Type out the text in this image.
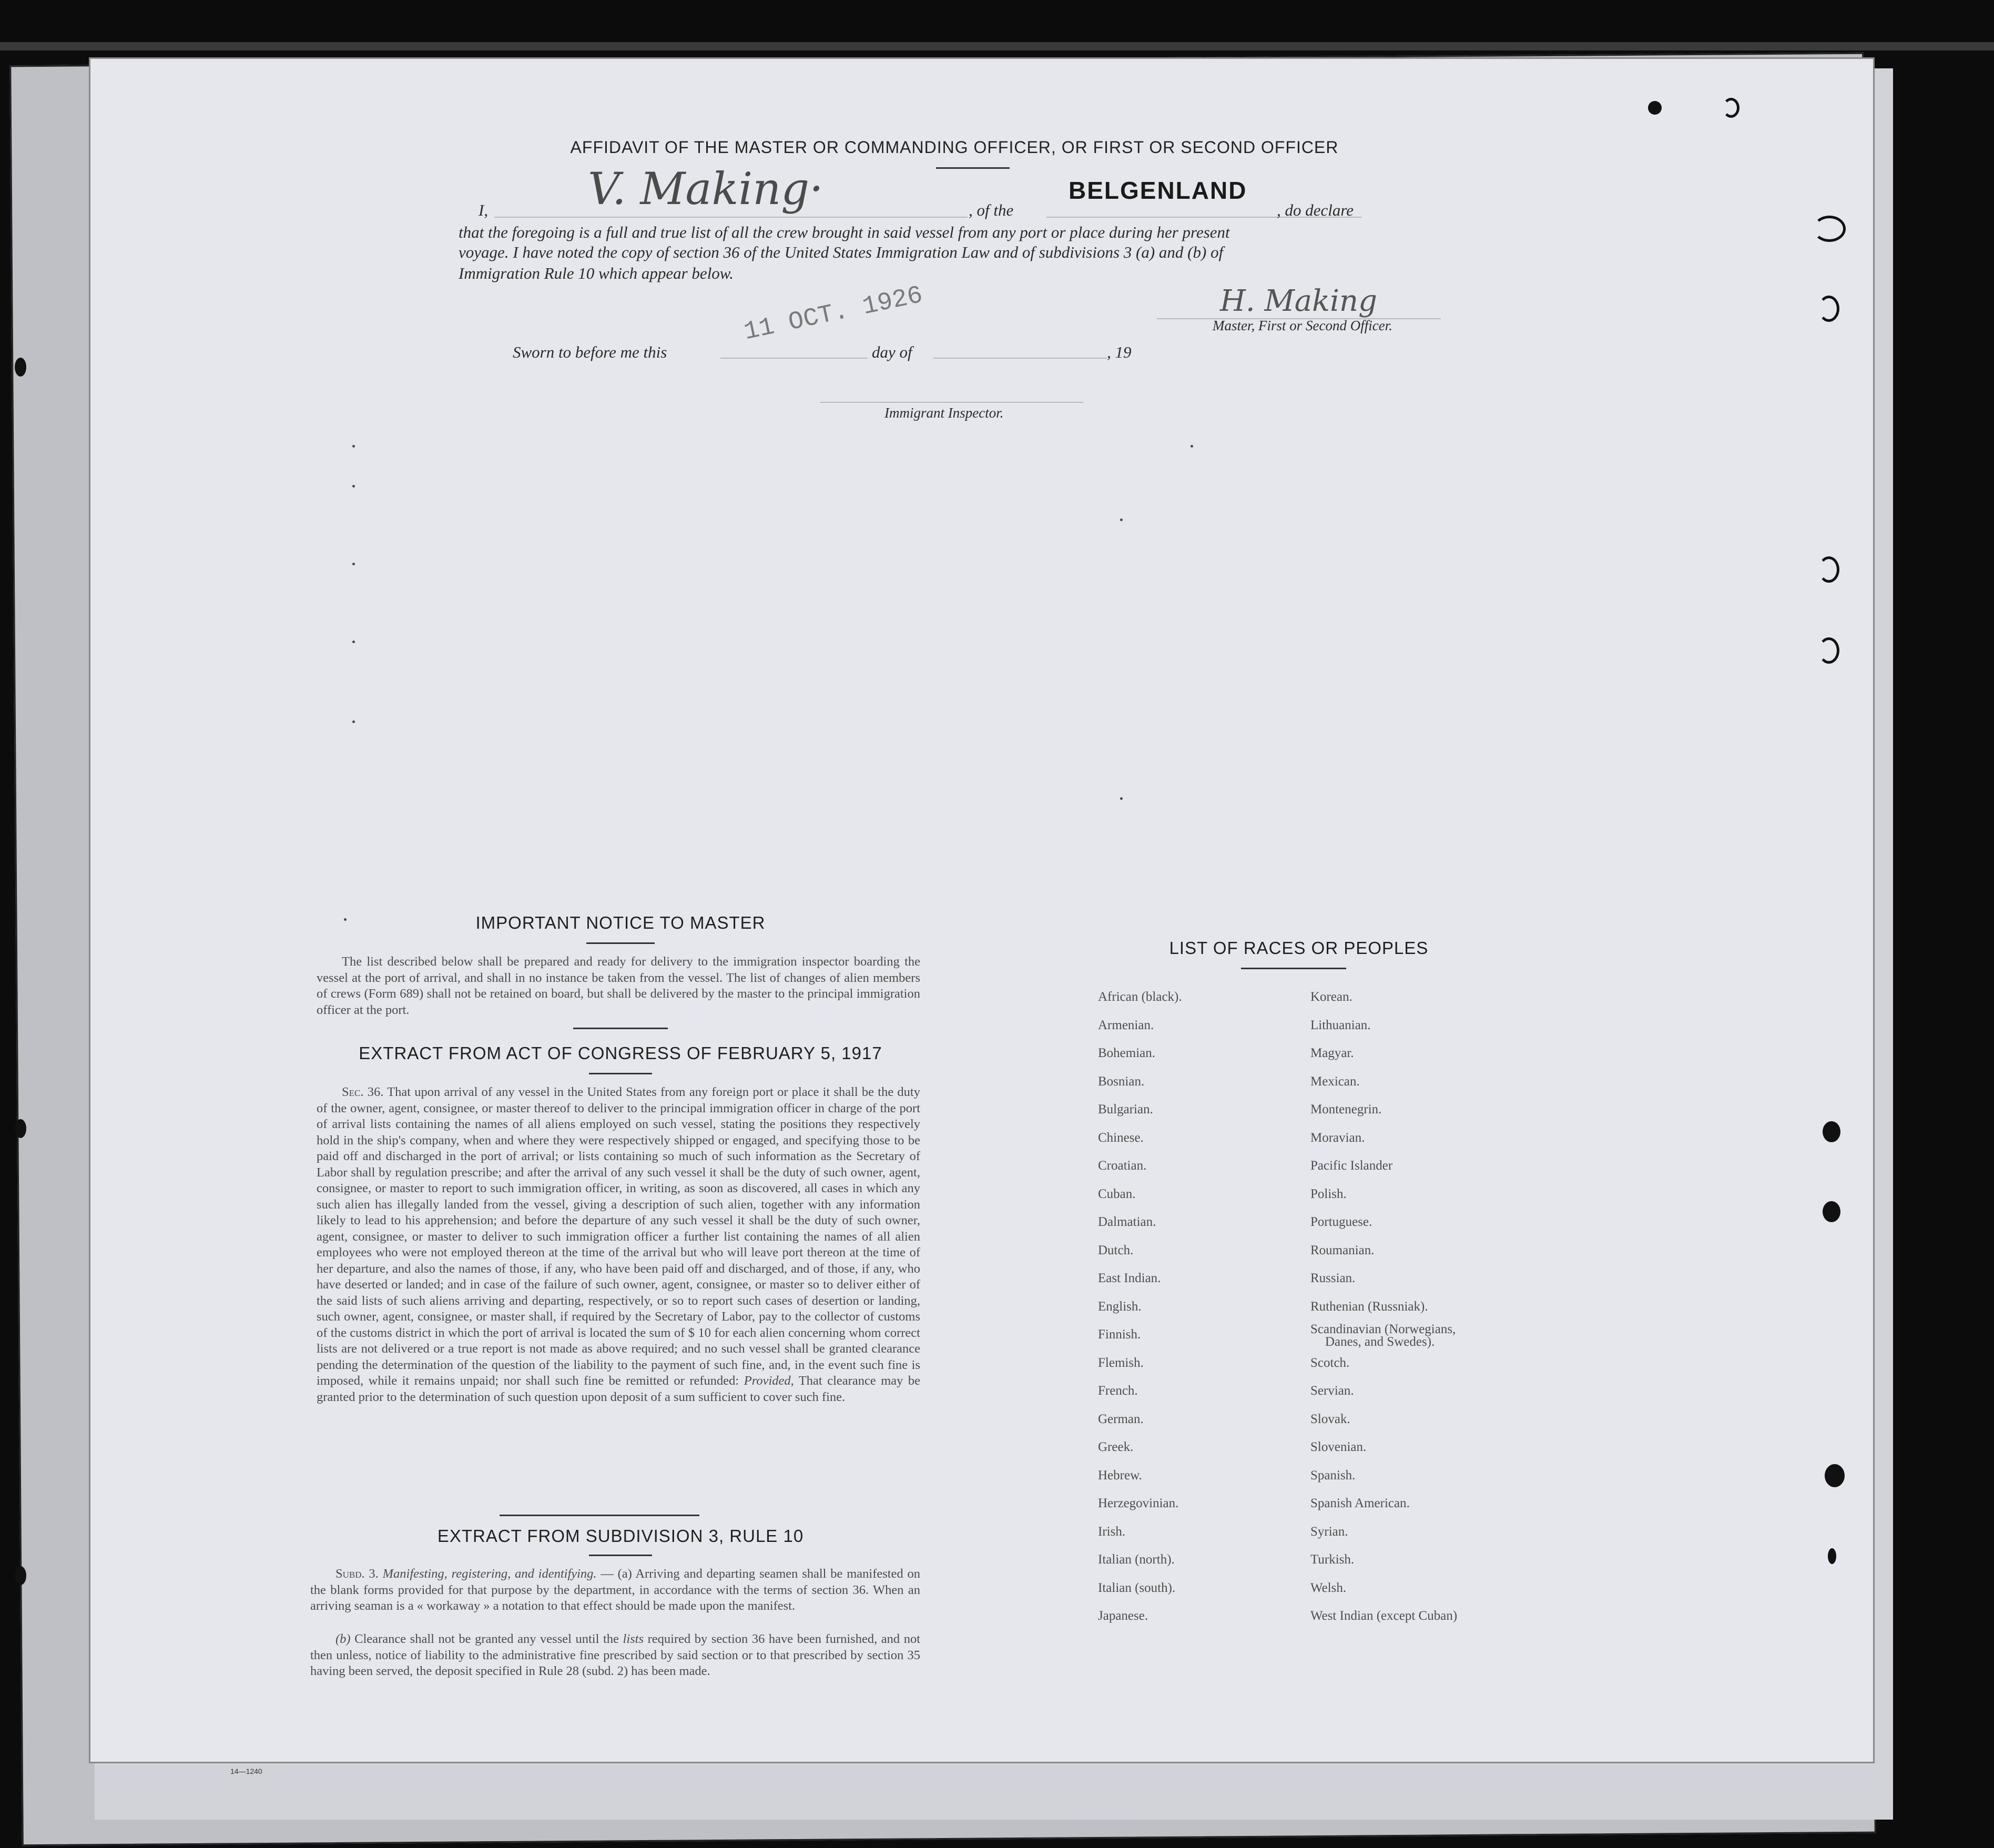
AFFIDAVIT OF THE MASTER OR COMMANDING OFFICER, OR FIRST OR SECOND OFFICER
I, V. Making·	, of the
BELGENLAND
, do declare
that the foregoing is a full and true list of all the crew brought in said vessel from any port or place during her present
voyage. I have noted the copy of section 36 of the United States Immigration Law and of subdivisions 3 (a) and (b) of
Immigration Rule 10 which appear below.
H. Making
Master, First or Second Officer.
Sworn to before me this
11 OCT. 1926
day of	, 19
Immigrant Inspector.
IMPORTANT NOTICE TO MASTER
The list described below shall be prepared and ready for delivery to the immigration inspector boarding the vessel at the port of arrival, and shall in no instance be taken from the vessel. The list of changes of alien members of crews (Form 689) shall not be retained on board, but shall be delivered by the master to the principal immigration officer at the port.
EXTRACT FROM ACT OF CONGRESS OF FEBRUARY 5, 1917
Sec. 36. That upon arrival of any vessel in the United States from any foreign port or place it shall be the duty of the owner, agent, consignee, or master thereof to deliver to the principal immigration officer in charge of the port of arrival lists containing the names of all aliens employed on such vessel, stating the positions they respectively hold in the ship's company, when and where they were respectively shipped or engaged, and specifying those to be paid off and discharged in the port of arrival; or lists containing so much of such information as the Secretary of Labor shall by regulation prescribe; and after the arrival of any such vessel it shall be the duty of such owner, agent, consignee, or master to report to such immigration officer, in writing, as soon as discovered, all cases in which any such alien has illegally landed from the vessel, giving a description of such alien, together with any information likely to lead to his apprehension; and before the departure of any such vessel it shall be the duty of such owner, agent, consignee, or master to deliver to such immigration officer a further list containing the names of all alien employees who were not employed thereon at the time of the arrival but who will leave port thereon at the time of her departure, and also the names of those, if any, who have been paid off and discharged, and of those, if any, who have deserted or landed; and in case of the failure of such owner, agent, consignee, or master so to deliver either of the said lists of such aliens arriving and departing, respectively, or so to report such cases of desertion or landing, such owner, agent, consignee, or master shall, if required by the Secretary of Labor, pay to the collector of customs of the customs district in which the port of arrival is located the sum of $ 10 for each alien concerning whom correct lists are not delivered or a true report is not made as above required; and no such vessel shall be granted clearance pending the determination of the question of the liability to the payment of such fine, and, in the event such fine is imposed, while it remains unpaid; nor shall such fine be remitted or refunded: Provided, That clearance may be granted prior to the determination of such question upon deposit of a sum sufficient to cover such fine.
EXTRACT FROM SUBDIVISION 3, RULE 10
Subd. 3. Manifesting, registering, and identifying. — (a) Arriving and departing seamen shall be manifested on the blank forms provided for that purpose by the department, in accordance with the terms of section 36. When an arriving seaman is a « workaway » a notation to that effect should be made upon the manifest.
(b) Clearance shall not be granted any vessel until the lists required by section 36 have been furnished, and not then unless, notice of liability to the administrative fine prescribed by said section or to that prescribed by section 35 having been served, the deposit specified in Rule 28 (subd. 2) has been made.
LIST OF RACES OR PEOPLES
African (black).
Armenian.
Bohemian.
Bosnian.
Bulgarian.
Chinese.
Croatian.
Cuban.
Dalmatian.
Dutch.
East Indian.
English.
Finnish.
Flemish.
French.
German.
Greek.
Hebrew.
Herzegovinian.
Irish.
Italian (north).
Italian (south).
Japanese.
Korean.
Lithuanian.
Magyar.
Mexican.
Montenegrin.
Moravian.
Pacific Islander
Polish.
Portuguese.
Roumanian.
Russian.
Ruthenian (Russniak).
Scandinavian (Norwegians,
Danes, and Swedes).
Scotch.
Servian.
Slovak.
Slovenian.
Spanish.
Spanish American.
Syrian.
Turkish.
Welsh.
West Indian (except Cuban)
14—1240
